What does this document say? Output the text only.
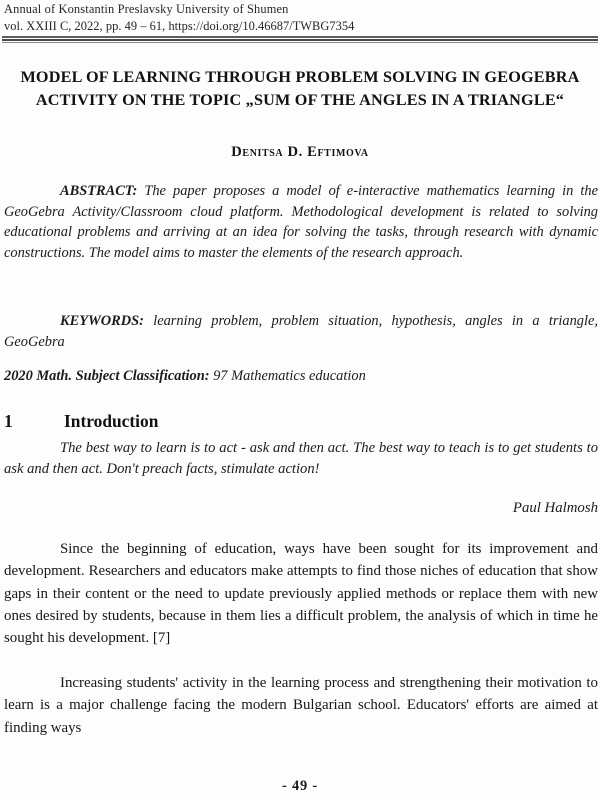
Annual of Konstantin Preslavsky University of Shumen
vol. XXIII C, 2022, pp. 49 – 61, https://doi.org/10.46687/TWBG7354
MODEL OF LEARNING THROUGH PROBLEM SOLVING IN GEOGEBRA ACTIVITY ON THE TOPIC „SUM OF THE ANGLES IN A TRIANGLE“
Denitsa D. Eftimova
ABSTRACT: The paper proposes a model of e-interactive mathematics learning in the GeoGebra Activity/Classroom cloud platform. Methodological development is related to solving educational problems and arriving at an idea for solving the tasks, through research with dynamic constructions. The model aims to master the elements of the research approach.
KEYWORDS: learning problem, problem situation, hypothesis, angles in a triangle, GeoGebra
2020 Math. Subject Classification: 97 Mathematics education
1	Introduction
The best way to learn is to act - ask and then act. The best way to teach is to get students to ask and then act. Don't preach facts, stimulate action!
Paul Halmosh
Since the beginning of education, ways have been sought for its improvement and development. Researchers and educators make attempts to find those niches of education that show gaps in their content or the need to update previously applied methods or replace them with new ones desired by students, because in them lies a difficult problem, the analysis of which in time he sought his development. [7]
Increasing students' activity in the learning process and strengthening their motivation to learn is a major challenge facing the modern Bulgarian school. Educators' efforts are aimed at finding ways
- 49 -
